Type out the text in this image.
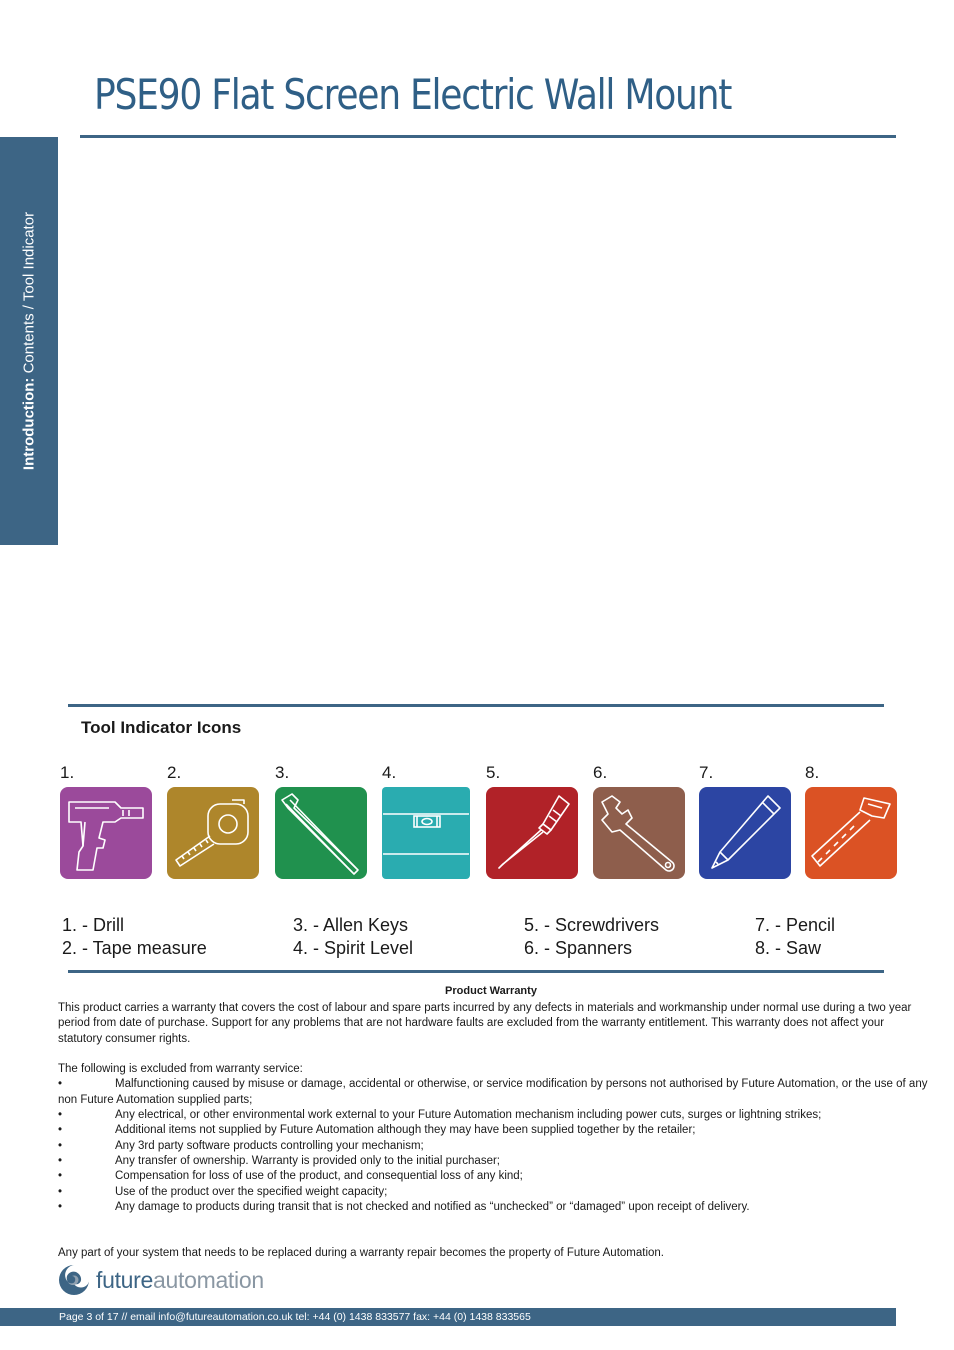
PSE90 Flat Screen Electric Wall Mount
Introduction: Contents / Tool Indicator
Tool Indicator Icons
1.	2.	3.	4.	5.	6.	7.	8.
1. - Drill
2. - Tape measure
3. - Allen Keys
4. - Spirit Level
5. - Screwdrivers
6. - Spanners
7. - Pencil
8. - Saw
Product Warranty

This product carries a warranty that covers the cost of labour and spare parts incurred by any defects in materials and workmanship under normal use during a two year period from date of purchase. Support for any problems that are not hardware faults are excluded from the warranty entitlement. This warranty does not affect your statutory consumer rights.

The following is excluded from warranty service:

•	Malfunctioning caused by misuse or damage, accidental or otherwise, or service modification by persons not authorised by Future Automation, or the use of any non Future Automation supplied parts;

•	Any electrical, or other environmental work external to your Future Automation mechanism including power cuts, surges or lightning strikes;

•	Additional items not supplied by Future Automation although they may have been supplied together by the retailer;

•	Any 3rd party software products controlling your mechanism;

•	Any transfer of ownership. Warranty is provided only to the initial purchaser;

•	Compensation for loss of use of the product, and consequential loss of any kind;

•	Use of the product over the specified weight capacity;

•	Any damage to products during transit that is not checked and notified as “unchecked” or “damaged” upon receipt of delivery.

Any part of your system that needs to be replaced during a warranty repair becomes the property of Future Automation.

futureautomation
Page 3 of 17 // email info@futureautomation.co.uk tel: +44 (0) 1438 833577 fax: +44 (0) 1438 833565
